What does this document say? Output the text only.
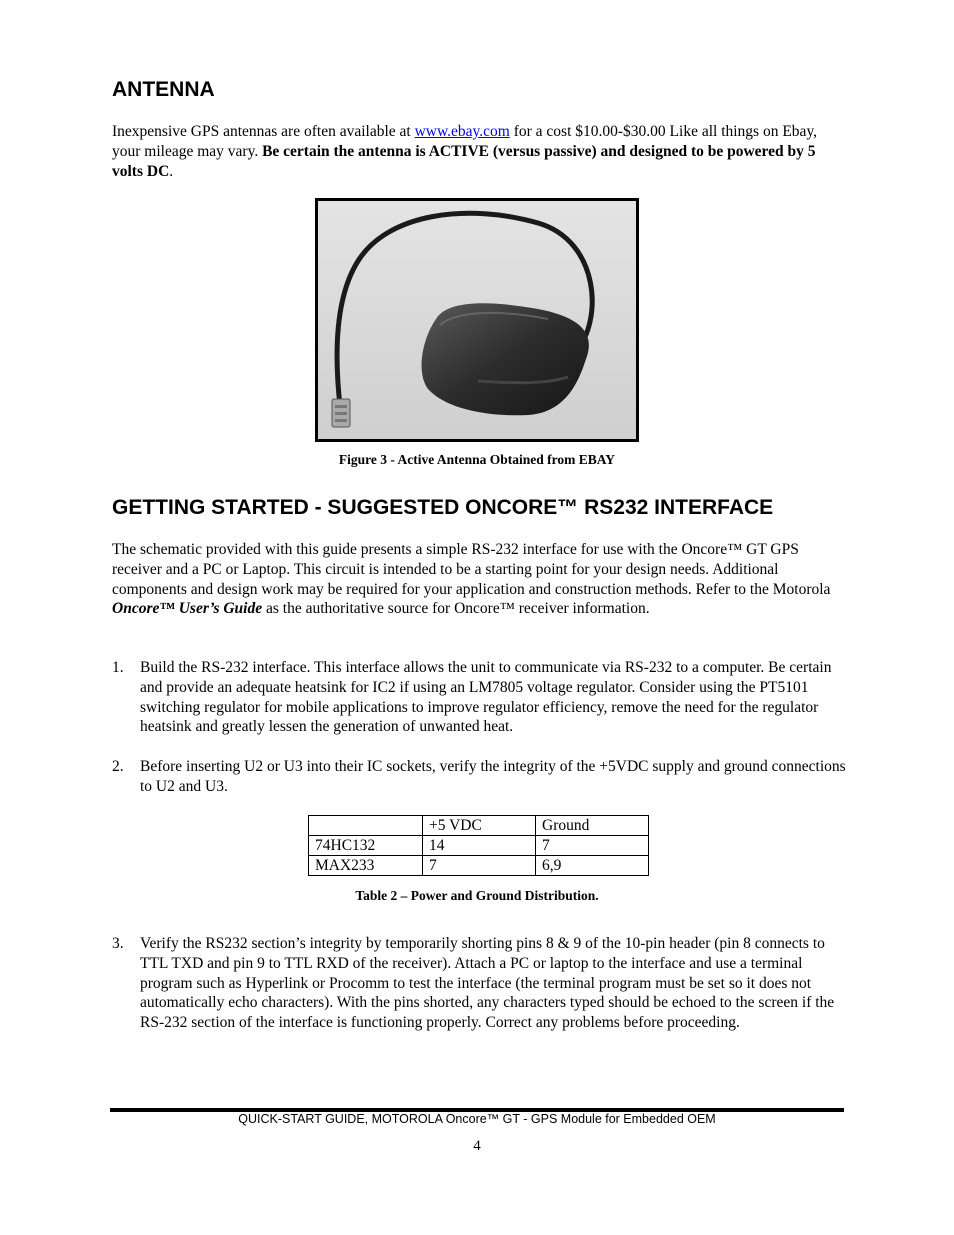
ANTENNA

Inexpensive GPS antennas are often available at www.ebay.com for a cost $10.00-$30.00 Like all things on Ebay, your mileage may vary. Be certain the antenna is ACTIVE (versus passive) and designed to be powered by 5 volts DC.

Figure 3 - Active Antenna Obtained from EBAY
GETTING STARTED - SUGGESTED ONCORE™ RS232 INTERFACE

The schematic provided with this guide presents a simple RS-232 interface for use with the Oncore™ GT GPS receiver and a PC or Laptop. This circuit is intended to be a starting point for your design needs. Additional components and design work may be required for your application and construction methods. Refer to the Motorola Oncore™ User’s Guide as the authoritative source for Oncore™ receiver information.

1. Build the RS-232 interface. This interface allows the unit to communicate via RS-232 to a computer. Be certain and provide an adequate heatsink for IC2 if using an LM7805 voltage regulator. Consider using the PT5101 switching regulator for mobile applications to improve regulator efficiency, remove the need for the regulator heatsink and greatly lessen the generation of unwanted heat.
2. Before inserting U2 or U3 into their IC sockets, verify the integrity of the +5VDC supply and ground connections to U2 and U3.
	+5 VDC	Ground
74HC132	14	7
MAX233	7	6,9
Table 2 – Power and Ground Distribution.
3. Verify the RS232 section’s integrity by temporarily shorting pins 8 & 9 of the 10-pin header (pin 8 connects to TTL TXD and pin 9 to TTL RXD of the receiver). Attach a PC or laptop to the interface and use a terminal program such as Hyperlink or Procomm to test the interface (the terminal program must be set so it does not automatically echo characters). With the pins shorted, any characters typed should be echoed to the screen if the RS-232 section of the interface is functioning properly. Correct any problems before proceeding.
QUICK-START GUIDE, MOTOROLA Oncore™ GT - GPS Module for Embedded OEM
4
